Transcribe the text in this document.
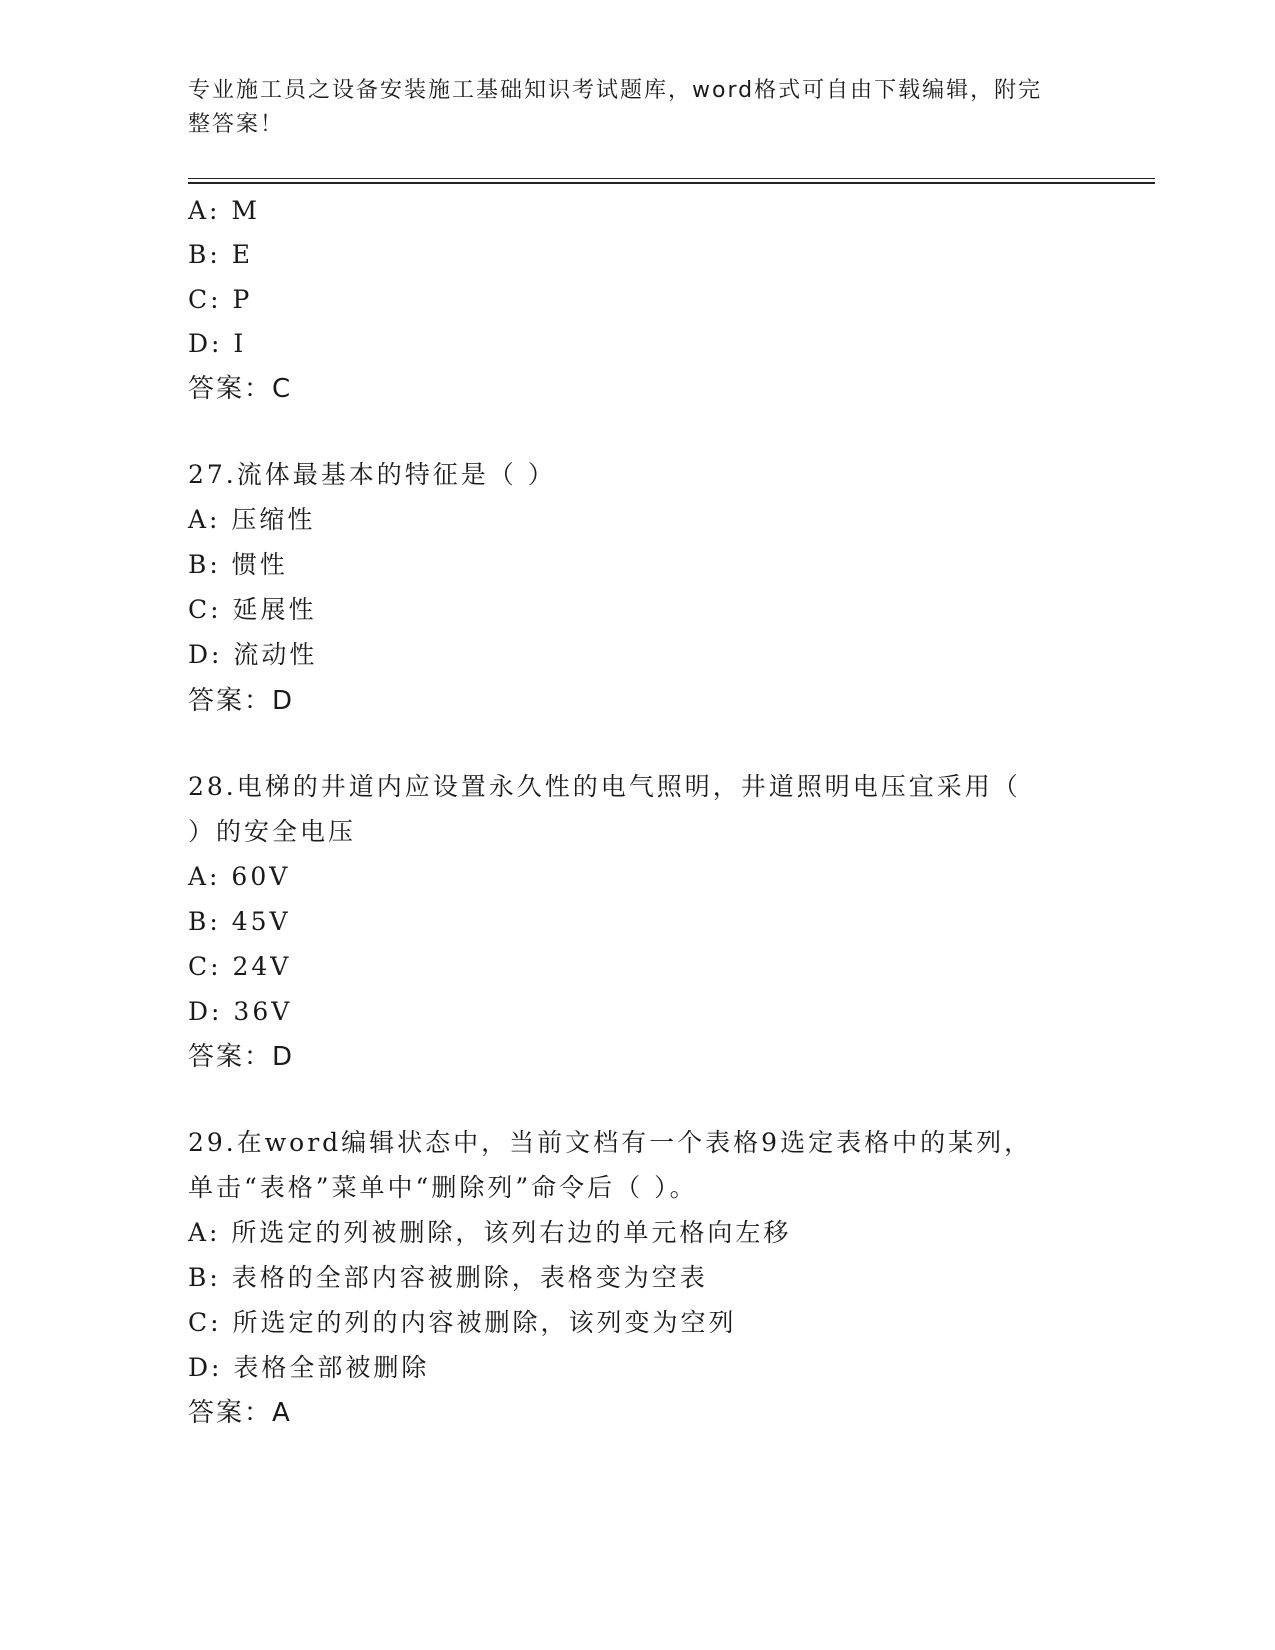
专业施工员之设备安装施工基础知识考试题库，word格式可自由下载编辑，附完
整答案！
A: M
B: E
C: P
D: I
答案：C
27.流体最基本的特征是（ ）
A: 压缩性
B: 惯性
C: 延展性
D: 流动性
答案：D
28.电梯的井道内应设置永久性的电气照明，井道照明电压宜采用（
）的安全电压
A: 60V
B: 45V
C: 24V
D: 36V
答案：D
29.在word编辑状态中，当前文档有一个表格9选定表格中的某列，
单击“表格”菜单中“删除列”命令后（ ）。
A: 所选定的列被删除，该列右边的单元格向左移
B: 表格的全部内容被删除，表格变为空表
C: 所选定的列的内容被删除，该列变为空列
D: 表格全部被删除
答案：A
